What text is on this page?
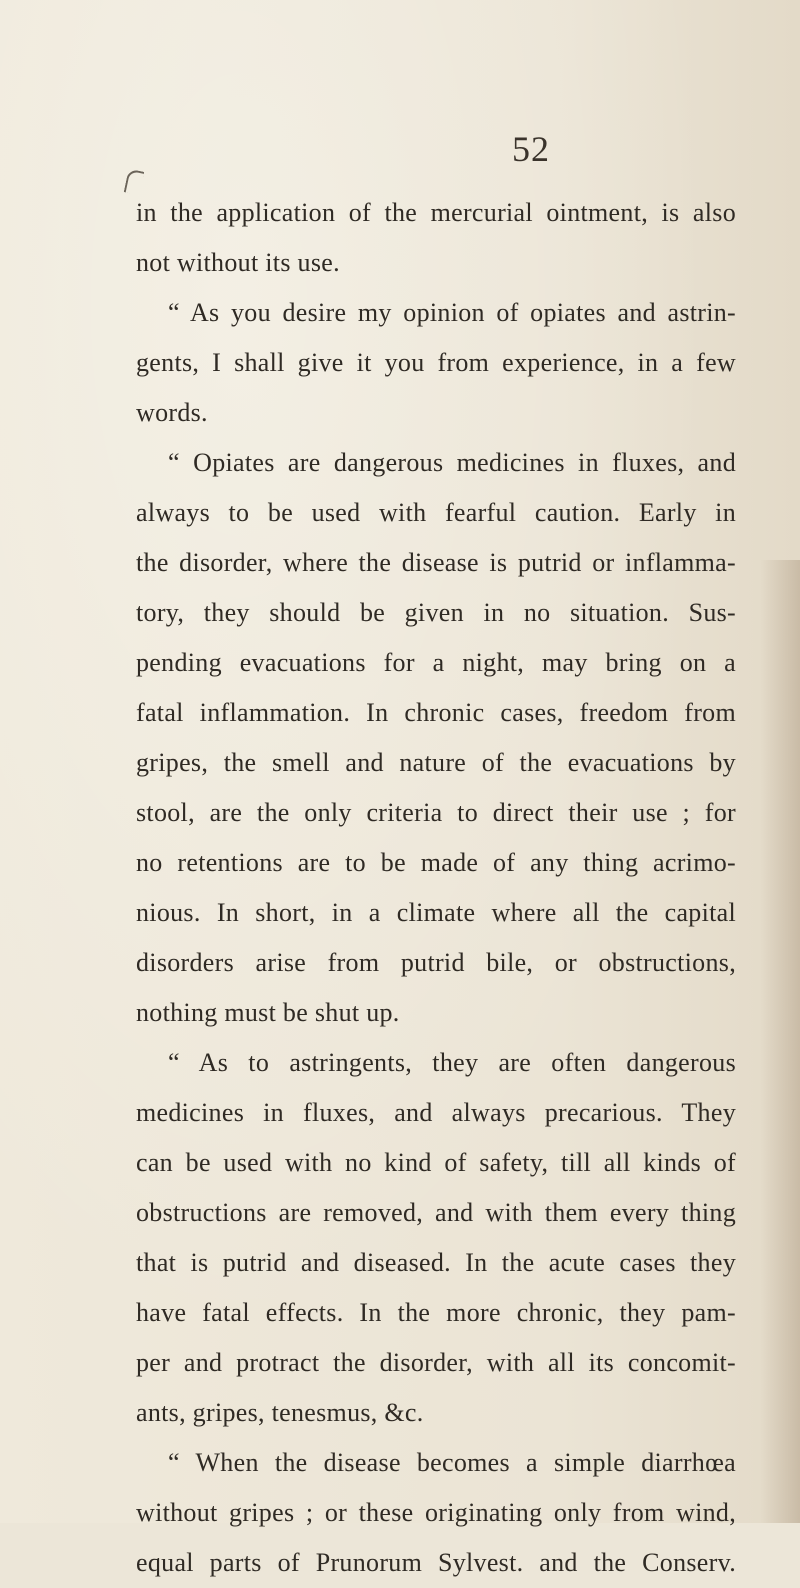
52
in the application of the mercurial ointment, is also
not without its use.
“ As you desire my opinion of opiates and astrin-
gents, I shall give it you from experience, in a few
words.
“ Opiates are dangerous medicines in fluxes, and
always to be used with fearful caution. Early in
the disorder, where the disease is putrid or inflamma-
tory, they should be given in no situation. Sus-
pending evacuations for a night, may bring on a
fatal inflammation. In chronic cases, freedom from
gripes, the smell and nature of the evacuations by
stool, are the only criteria to direct their use ; for
no retentions are to be made of any thing acrimo-
nious. In short, in a climate where all the capital
disorders arise from putrid bile, or obstructions,
nothing must be shut up.
“ As to astringents, they are often dangerous
medicines in fluxes, and always precarious. They
can be used with no kind of safety, till all kinds of
obstructions are removed, and with them every thing
that is putrid and diseased. In the acute cases they
have fatal effects. In the more chronic, they pam-
per and protract the disorder, with all its concomit-
ants, gripes, tenesmus, &c.
“ When the disease becomes a simple diarrhœa
without gripes ; or these originating only from wind,
equal parts of Prunorum Sylvest. and the Conserv.
